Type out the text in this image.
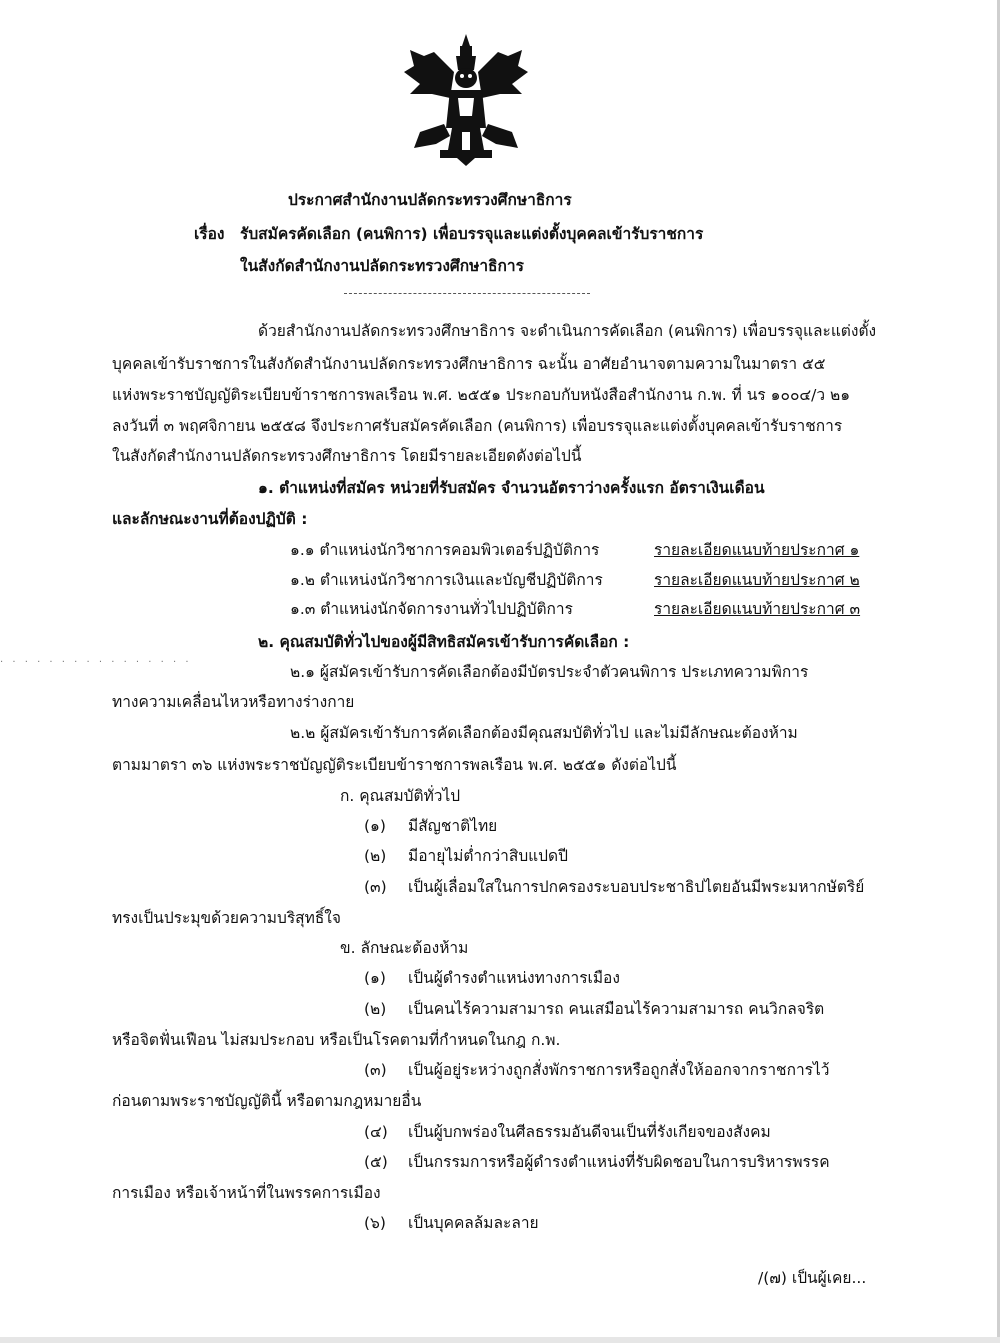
ประกาศสำนักงานปลัดกระทรวงศึกษาธิการ
เรื่อง รับสมัครคัดเลือก (คนพิการ) เพื่อบรรจุและแต่งตั้งบุคคลเข้ารับราชการ
ในสังกัดสำนักงานปลัดกระทรวงศึกษาธิการ
ด้วยสำนักงานปลัดกระทรวงศึกษาธิการ จะดำเนินการคัดเลือก (คนพิการ) เพื่อบรรจุและแต่งตั้ง
บุคคลเข้ารับราชการในสังกัดสำนักงานปลัดกระทรวงศึกษาธิการ ฉะนั้น อาศัยอำนาจตามความในมาตรา ๕๕
แห่งพระราชบัญญัติระเบียบข้าราชการพลเรือน พ.ศ. ๒๕๕๑ ประกอบกับหนังสือสำนักงาน ก.พ. ที่ นร ๑๐๐๔/ว ๒๑
ลงวันที่ ๓ พฤศจิกายน ๒๕๕๘ จึงประกาศรับสมัครคัดเลือก (คนพิการ) เพื่อบรรจุและแต่งตั้งบุคคลเข้ารับราชการ
ในสังกัดสำนักงานปลัดกระทรวงศึกษาธิการ โดยมีรายละเอียดดังต่อไปนี้
๑. ตำแหน่งที่สมัคร หน่วยที่รับสมัคร จำนวนอัตราว่างครั้งแรก อัตราเงินเดือน
และลักษณะงานที่ต้องปฏิบัติ :
๑.๑ ตำแหน่งนักวิชาการคอมพิวเตอร์ปฏิบัติการ	รายละเอียดแนบท้ายประกาศ ๑
๑.๒ ตำแหน่งนักวิชาการเงินและบัญชีปฏิบัติการ	รายละเอียดแนบท้ายประกาศ ๒
๑.๓ ตำแหน่งนักจัดการงานทั่วไปปฏิบัติการ	รายละเอียดแนบท้ายประกาศ ๓
. . . . . . . . . . . . . . . .
๒. คุณสมบัติทั่วไปของผู้มีสิทธิสมัครเข้ารับการคัดเลือก :
๒.๑ ผู้สมัครเข้ารับการคัดเลือกต้องมีบัตรประจำตัวคนพิการ ประเภทความพิการ
ทางความเคลื่อนไหวหรือทางร่างกาย
๒.๒ ผู้สมัครเข้ารับการคัดเลือกต้องมีคุณสมบัติทั่วไป และไม่มีลักษณะต้องห้าม
ตามมาตรา ๓๖ แห่งพระราชบัญญัติระเบียบข้าราชการพลเรือน พ.ศ. ๒๕๕๑ ดังต่อไปนี้
ก. คุณสมบัติทั่วไป
(๑) มีสัญชาติไทย
(๒) มีอายุไม่ต่ำกว่าสิบแปดปี
(๓) เป็นผู้เลื่อมใสในการปกครองระบอบประชาธิปไตยอันมีพระมหากษัตริย์
ทรงเป็นประมุขด้วยความบริสุทธิ์ใจ
ข. ลักษณะต้องห้าม
(๑) เป็นผู้ดำรงตำแหน่งทางการเมือง
(๒) เป็นคนไร้ความสามารถ คนเสมือนไร้ความสามารถ คนวิกลจริต
หรือจิตฟั่นเฟือน ไม่สมประกอบ หรือเป็นโรคตามที่กำหนดในกฎ ก.พ.
(๓) เป็นผู้อยู่ระหว่างถูกสั่งพักราชการหรือถูกสั่งให้ออกจากราชการไว้
ก่อนตามพระราชบัญญัตินี้ หรือตามกฎหมายอื่น
(๔) เป็นผู้บกพร่องในศีลธรรมอันดีจนเป็นที่รังเกียจของสังคม
(๕) เป็นกรรมการหรือผู้ดำรงตำแหน่งที่รับผิดชอบในการบริหารพรรค
การเมือง หรือเจ้าหน้าที่ในพรรคการเมือง
(๖) เป็นบุคคลล้มละลาย
/(๗) เป็นผู้เคย...
